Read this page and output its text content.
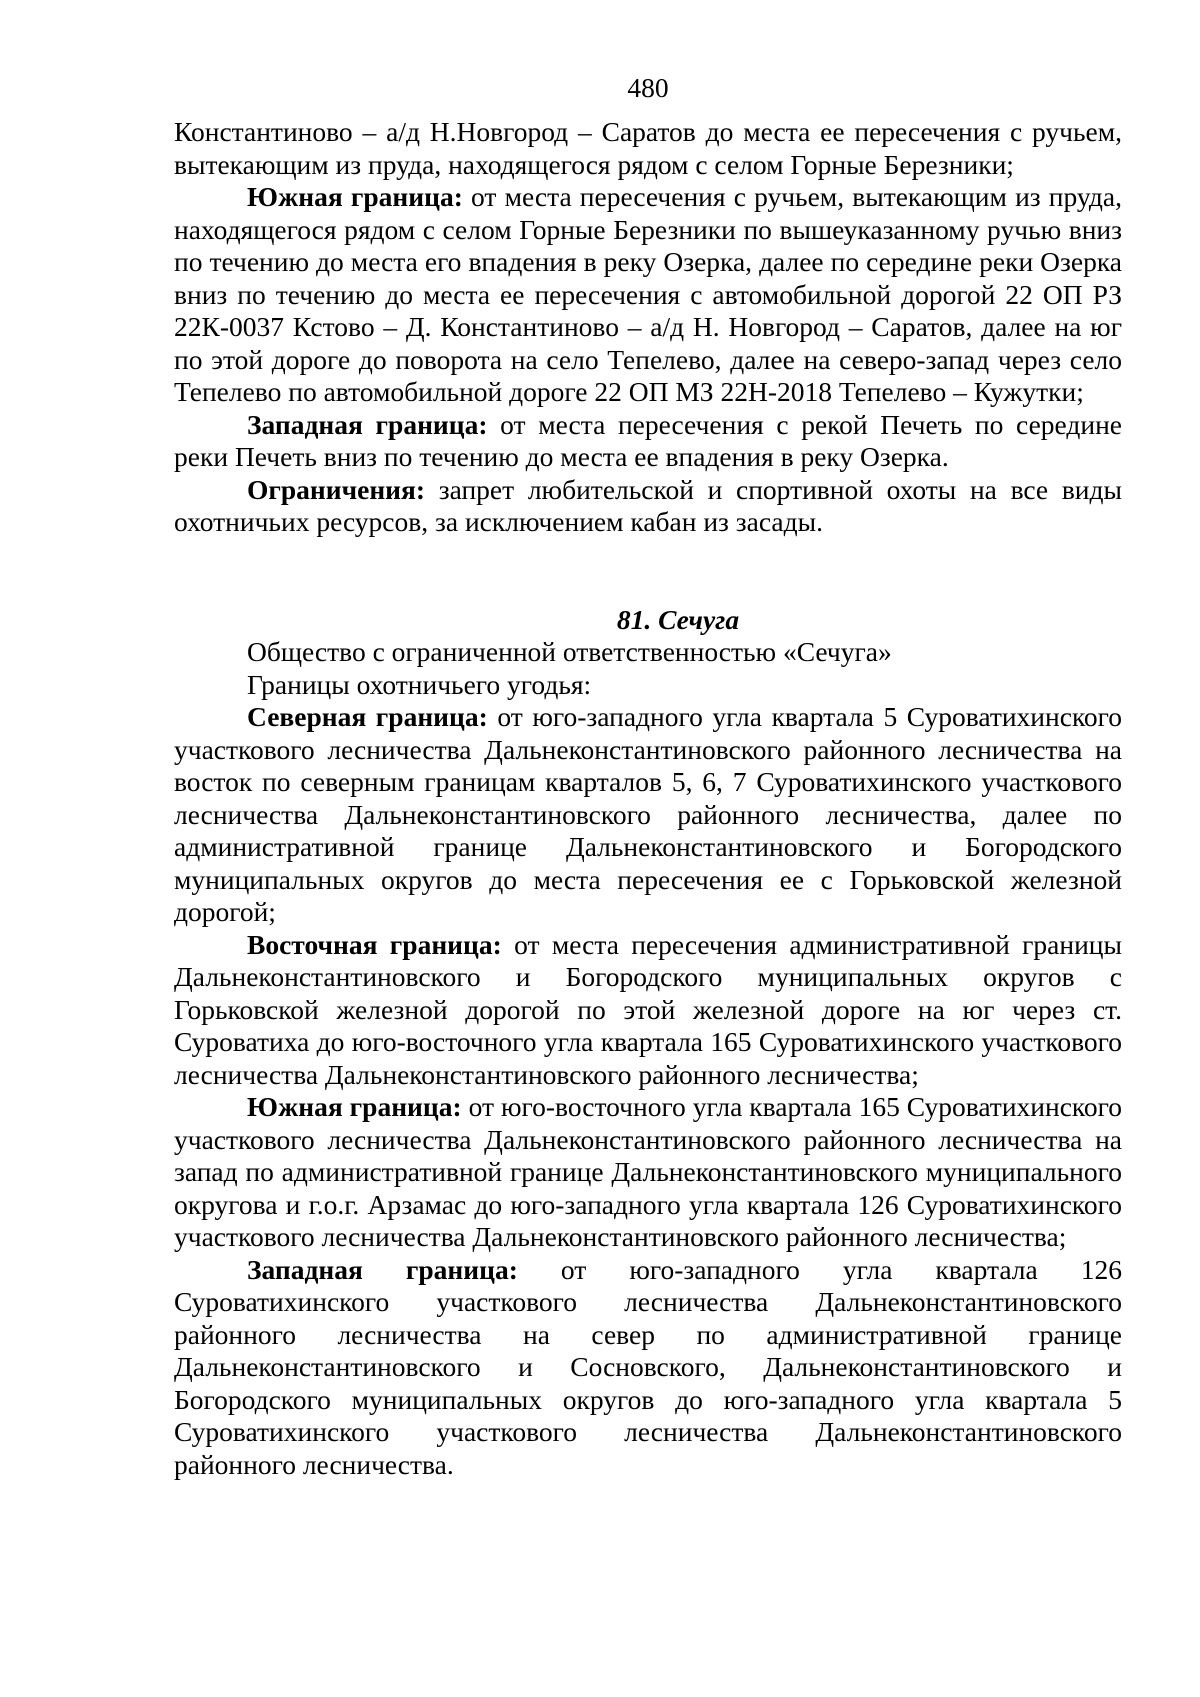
480

Константиново – а/д Н.Новгород – Саратов до места ее пересечения с ручьем, вытекающим из пруда, находящегося рядом с селом Горные Березники;

Южная граница: от места пересечения с ручьем, вытекающим из пруда, находящегося рядом с селом Горные Березники по вышеуказанному ручью вниз по течению до места его впадения в реку Озерка, далее по середине реки Озерка вниз по течению до места ее пересечения с автомобильной дорогой 22 ОП РЗ 22К-0037 Кстово – Д. Константиново – а/д Н. Новгород – Саратов, далее на юг по этой дороге до поворота на село Тепелево, далее на северо-запад через село Тепелево по автомобильной дороге 22 ОП МЗ 22Н-2018 Тепелево – Кужутки;

Западная граница: от места пересечения с рекой Печеть по середине реки Печеть вниз по течению до места ее впадения в реку Озерка.

Ограничения: запрет любительской и спортивной охоты на все виды охотничьих ресурсов, за исключением кабан из засады.

81. Сечуга

Общество с ограниченной ответственностью «Сечуга»

Границы охотничьего угодья:

Северная граница: от юго-западного угла квартала 5 Суроватихинского участкового лесничества Дальнеконстантиновского районного лесничества на восток по северным границам кварталов 5, 6, 7 Суроватихинского участкового лесничества Дальнеконстантиновского районного лесничества, далее по административной границе Дальнеконстантиновского и Богородского муниципальных округов до места пересечения ее с Горьковской железной дорогой;

Восточная граница: от места пересечения административной границы Дальнеконстантиновского и Богородского муниципальных округов с Горьковской железной дорогой по этой железной дороге на юг через ст. Суроватиха до юго-восточного угла квартала 165 Суроватихинского участкового лесничества Дальнеконстантиновского районного лесничества;

Южная граница: от юго-восточного угла квартала 165 Суроватихинского участкового лесничества Дальнеконстантиновского районного лесничества на запад по административной границе Дальнеконстантиновского муниципального округова и г.о.г. Арзамас до юго-западного угла квартала 126 Суроватихинского участкового лесничества Дальнеконстантиновского районного лесничества;

Западная граница: от юго-западного угла квартала 126 Суроватихинского участкового лесничества Дальнеконстантиновского районного лесничества на север по административной границе Дальнеконстантиновского и Сосновского, Дальнеконстантиновского и Богородского муниципальных округов до юго-западного угла квартала 5 Суроватихинского участкового лесничества Дальнеконстантиновского районного лесничества.
